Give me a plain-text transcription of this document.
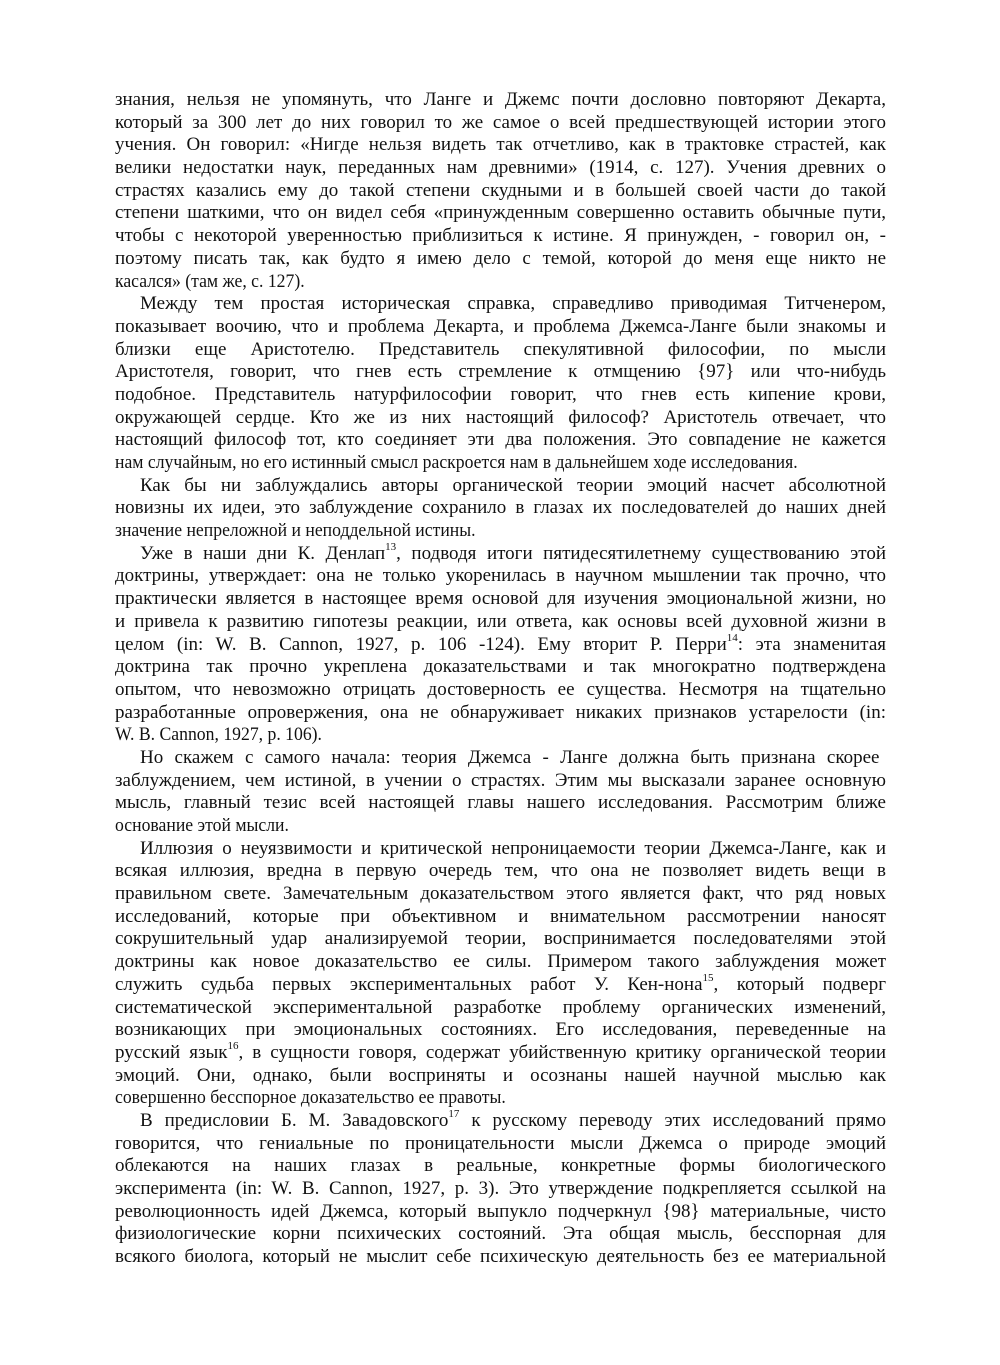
знания, нельзя не упомянуть, что Ланге и Джемс почти дословно повторяют Декарта,
который за 300 лет до них говорил то же самое о всей предшествующей истории этого
учения. Он говорил: «Нигде нельзя видеть так отчетливо, как в трактовке страстей, как
велики недостатки наук, переданных нам древними» (1914, с. 127). Учения древних о
страстях казались ему до такой степени скудными и в большей своей части до такой
степени шаткими, что он видел себя «принужденным совершенно оставить обычные пути,
чтобы с некоторой уверенностью приблизиться к истине. Я принужден, - говорил он, -
поэтому писать так, как будто я имею дело с темой, которой до меня еще никто не
касался» (там же, с. 127).
Между тем простая историческая справка, справедливо приводимая Титченером,
показывает воочию, что и проблема Декарта, и проблема Джемса-Ланге были знакомы и
близки еще Аристотелю. Представитель спекулятивной философии, по мысли
Аристотеля, говорит, что гнев есть стремление к отмщению {97} или что-нибудь
подобное. Представитель натурфилософии говорит, что гнев есть кипение крови,
окружающей сердце. Кто же из них настоящий философ? Аристотель отвечает, что
настоящий философ тот, кто соединяет эти два положения. Это совпадение не кажется
нам случайным, но его истинный смысл раскроется нам в дальнейшем ходе исследования.
Как бы ни заблуждались авторы органической теории эмоций насчет абсолютной
новизны их идеи, это заблуждение сохранило в глазах их последователей до наших дней
значение непреложной и неподдельной истины.
Уже в наши дни К. Денлап$^{13}$, подводя итоги пятидесятилетнему существованию этой
доктрины, утверждает: она не только укоренилась в научном мышлении так прочно, что
практически является в настоящее время основой для изучения эмоциональной жизни, но
и привела к развитию гипотезы реакции, или ответа, как основы всей духовной жизни в
целом (in: W. B. Cannon, 1927, p. 106 -124). Ему вторит Р. Перри$^{14}$: эта знаменитая
доктрина так прочно укреплена доказательствами и так многократно подтверждена
опытом, что невозможно отрицать достоверность ее существа. Несмотря на тщательно
разработанные опровержения, она не обнаруживает никаких признаков устарелости (in:
W. B. Cannon, 1927, p. 106).
Но скажем с самого начала: теория Джемса - Ланге должна быть признана скорее
заблуждением, чем истиной, в учении о страстях. Этим мы высказали заранее основную
мысль, главный тезис всей настоящей главы нашего исследования. Рассмотрим ближе
основание этой мысли.
Иллюзия о неуязвимости и критической непроницаемости теории Джемса-Ланге, как и
всякая иллюзия, вредна в первую очередь тем, что она не позволяет видеть вещи в
правильном свете. Замечательным доказательством этого является факт, что ряд новых
исследований, которые при объективном и внимательном рассмотрении наносят
сокрушительный удар анализируемой теории, воспринимается последователями этой
доктрины как новое доказательство ее силы. Примером такого заблуждения может
служить судьба первых экспериментальных работ У. Кен-нона$^{15}$, который подверг
систематической экспериментальной разработке проблему органических изменений,
возникающих при эмоциональных состояниях. Его исследования, переведенные на
русский язык$^{16}$, в сущности говоря, содержат убийственную критику органической теории
эмоций. Они, однако, были восприняты и осознаны нашей научной мыслью как
совершенно бесспорное доказательство ее правоты.
В предисловии Б. М. Завадовского$^{17}$ к русскому переводу этих исследований прямо
говорится, что гениальные по проницательности мысли Джемса о природе эмоций
облекаются на наших глазах в реальные, конкретные формы биологического
эксперимента (in: W. B. Cannon, 1927, p. 3). Это утверждение подкрепляется ссылкой на
революционность идей Джемса, который выпукло подчеркнул {98} материальные, чисто
физиологические корни психических состояний. Эта общая мысль, бесспорная для
всякого биолога, который не мыслит себе психическую деятельность без ее материальной
